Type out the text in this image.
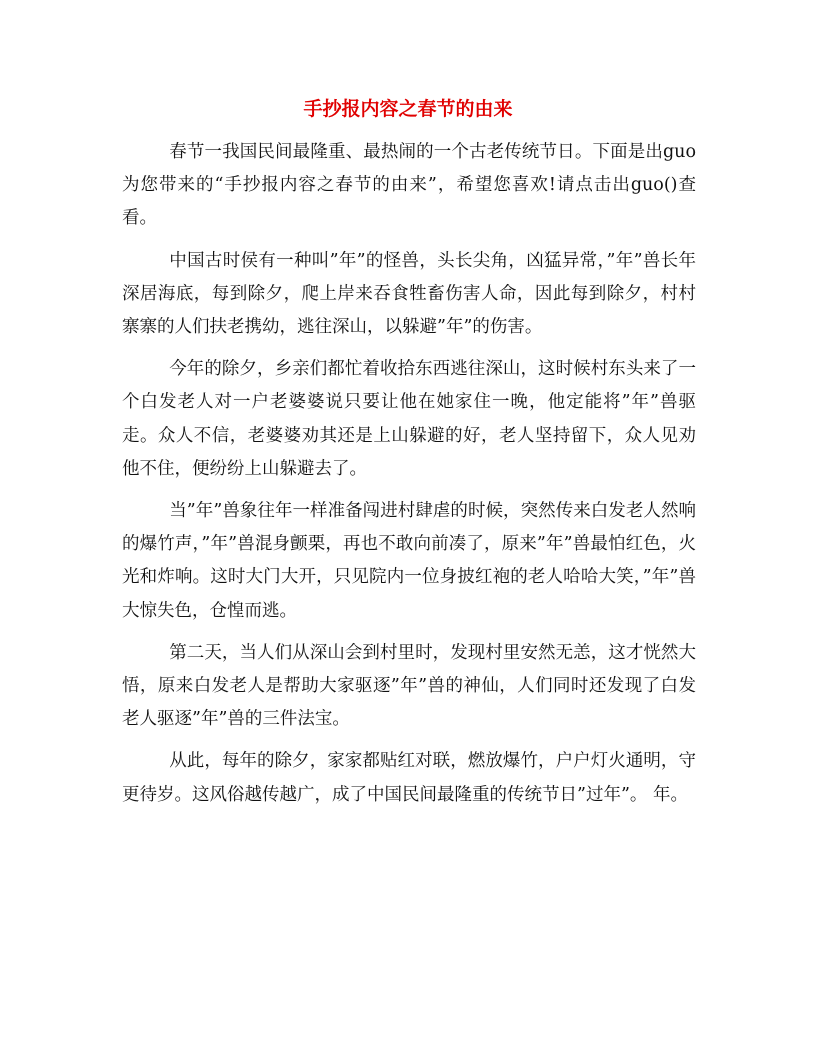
手抄报内容之春节的由来

春节一我国民间最隆重、最热闹的一个古老传统节日。下面是出guo为您带来的“手抄报内容之春节的由来”，希望您喜欢!请点击出guo()查看。

中国古时侯有一种叫”年”的怪兽，头长尖角，凶猛异常，”年”兽长年深居海底，每到除夕，爬上岸来吞食牲畜伤害人命，因此每到除夕，村村寨寨的人们扶老携幼，逃往深山，以躲避”年”的伤害。

今年的除夕，乡亲们都忙着收拾东西逃往深山，这时候村东头来了一个白发老人对一户老婆婆说只要让他在她家住一晚，他定能将”年”兽驱走。众人不信，老婆婆劝其还是上山躲避的好，老人坚持留下，众人见劝他不住，便纷纷上山躲避去了。

当”年”兽象往年一样准备闯进村肆虐的时候，突然传来白发老人然响的爆竹声，”年”兽混身颤栗，再也不敢向前凑了，原来”年”兽最怕红色，火光和炸响。这时大门大开，只见院内一位身披红袍的老人哈哈大笑，”年”兽大惊失色，仓惶而逃。

第二天，当人们从深山会到村里时，发现村里安然无恙，这才恍然大悟，原来白发老人是帮助大家驱逐”年”兽的神仙，人们同时还发现了白发老人驱逐”年”兽的三件法宝。

从此，每年的除夕，家家都贴红对联，燃放爆竹，户户灯火通明，守更待岁。这风俗越传越广，成了中国民间最隆重的传统节日”过年”。 年。
